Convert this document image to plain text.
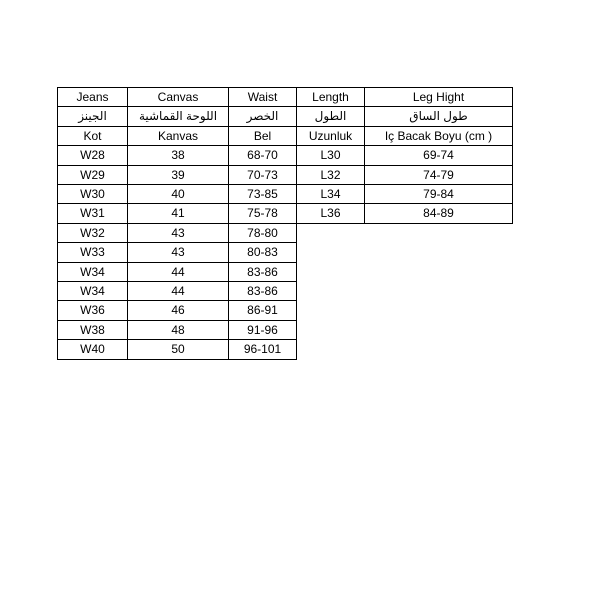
Jeans	Canvas	Waist	Length	Leg Hight
الجينز	اللوحة القماشية	الخصر	الطول	طول الساق
Kot	Kanvas	Bel	Uzunluk	Iç Bacak Boyu (cm )
W28	38	68-70	L30	69-74
W29	39	70-73	L32	74-79
W30	40	73-85	L34	79-84
W31	41	75-78	L36	84-89
W32	43	78-80		
W33	43	80-83		
W34	44	83-86		
W34	44	83-86		
W36	46	86-91		
W38	48	91-96		
W40	50	96-101		
